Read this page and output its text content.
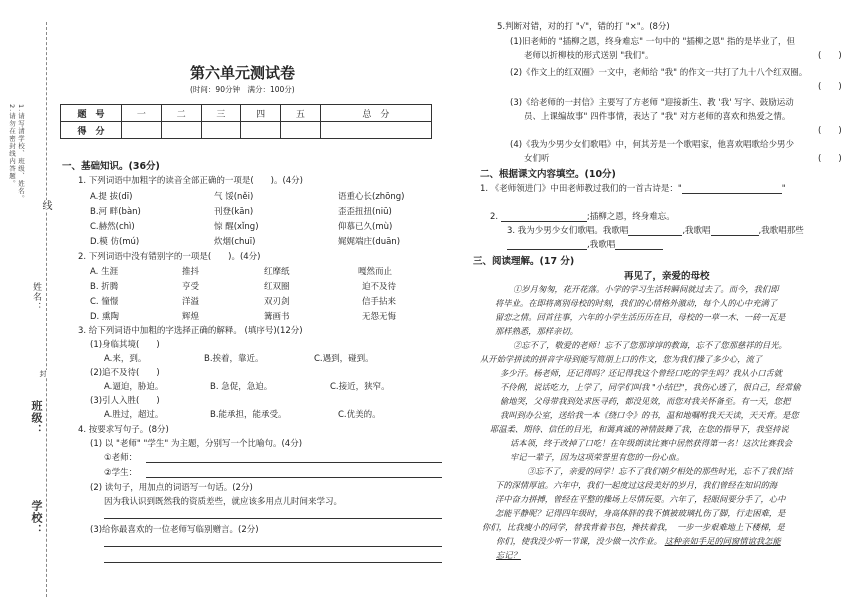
1.请写清学校、班级、姓名。2.请勿在密封线内答题。
线
姓名：
封
班级：
学校：
第六单元测试卷
(时间：90分钟　满分：100分)
题　号	一	二	三	四	五	总　分
得　分						
一、基础知识。(36分)
1. 下列词语中加粗字的读音全部正确的一项是(　　)。(4分)
A.提 拔(dī)	气 馁(něi)	语重心长(zhōng)
B.河 畔(bàn)	刊登(kān)	歪歪扭扭(niū)
C.赫然(chì)	惊 醒(xǐng)	仰慕已久(mù)
D.模 仿(mú)	炊烟(chuī)	娓娓端庄(duān)
2. 下列词语中没有错别字的一项是(　　)。(4分)
A. 生涯	推抖	红摩纸	嘎然而止
B. 折腾	亨受	红双圈	迫不及待
C. 憧憬	洋溢	双刃剑	信手拈来
D. 熏陶	辉煌	篝画书	无怨无悔
3. 给下列词语中加粗的字选择正确的解释。 (填序号)(12分)
(1)身临其境(　　)
A.来，到。	B.挨着，靠近。	C.遇到，碰到。
(2)追不及待(　　)
A.逼迫，胁迫。	B. 急促，急迫。	C.接近，狭窄。
(3)引人入胜(　　)
A.胜过，超过。	B.能承担，能承受。	C.优美的。
4. 按要求写句子。(8分)
(1) 以 "老师" "学生" 为主题，分别写一个比喻句。(4分)
①老师：
②学生：
(2) 读句子，用加点的词语写一句话。(2分)
因为我认识到既然我的资质差些，就应该多用点儿时间来学习。
(3)给你最喜欢的一位老师写临别赠言。(2分)
5.判断对错，对的打 "√"，错的打 "×"。(8分)
(1)旧老师的 "插柳之恩，终身难忘" 一句中的 "插柳之恩" 指的是毕业了，但
老师以折柳枝的形式送别 "我们"。	(　　)
(2)《作文上的红双圈》一文中，老师给 "我" 的作文一共打了九十八个红双圈。
(　　)
(3)《给老师的一封信》主要写了方老师 "迎接新生、教 '我' 写字、鼓励运动
员、上课编故事" 四件事情，表达了 "我" 对方老师的喜欢和热爱之情。
(　　)
(4)《我为少男少女们歌唱》中，何其芳是一个歌唱家，他喜欢唱歌给少男少
女们听	(　　)
二、根据课文内容填空。(10分)
1. 《老师领进门》中田老师教过我们的一首古诗是："	"
2.	;插柳之恩，终身难忘。
3. 我为少男少女们歌唱。我歌唱	,我歌唱	,我歌唱那些
,我歌唱
三、阅读理解。(17 分)
再见了，亲爱的母校
①岁月匆匆，花开花落。小学的学习生活转瞬间就过去了。而今，我们即
将毕业。在即将离别母校的时刻，我们的心情格外激动，每个人的心中充满了
留恋之情。回首往事，六年的小学生活历历在目，母校的一草一木、一砖一瓦是
那样熟悉，那样亲切。
②忘不了，敬爱的老师！忘不了您那谆谆的教诲，忘不了您那慈祥的目光。
从开始学拼读的拼音字母到能写简朋上口的作文，您为我们操了多少心，流了
多少汗。杨老师，还记得吗？还记得我这个曾经口吃的学生吗？我从小口舌就
不伶俐，说话吃力，上学了，同学们叫我 "小结巴"，我伤心透了，很自己，经常偷
偷地哭，父母带我到处求医寻药，都没见效，而您对我关怀备至。有一天，您把
我叫到办公室，送给我一本《绕口令》的书，温和地嘱咐我天天读，天天背。是您
耶温柔、期待、信任的目光，和蔼真诚的神情鼓舞了我，在您的指导下，我坚持说
话本领，终于改掉了口吃！在年级朗读比赛中居然获得第一名！这次比赛我会
牢记一辈子，因为这项荣誉里有您的一份心血。
③忘不了，亲爱的同学！忘不了我们朝夕相处的那些时光，忘不了我们结
下的深情厚谊。六年中，我们一起度过这段美好的岁月，我们曾经在知识的海
洋中奋力拼搏，曾经在平整的操场上尽情玩耍。六年了，轻眼间要分手了，心中
怎能平静呢？记得四年级时，身高体胖的我不慎被玻璃扎伤了脚，行走困难，是
你们，比我瘦小的同学，替我背着书包，搀扶着我，　一步一步艰难地上下楼梯，是
你们，使我没少听一节课，没少做一次作业。 这种亲如手足的同窗情谊我怎能
忘记？
